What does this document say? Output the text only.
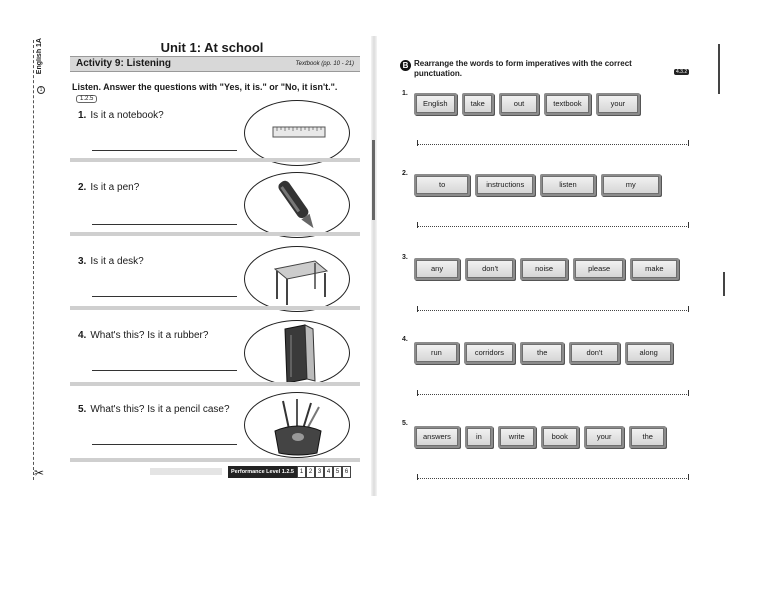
English 1A
1
✂
Unit 1: At school
Activity 9: Listening	Textbook (pp. 10 - 21)
Listen. Answer the questions with "Yes, it is." or "No, it isn't.". 1.2.5
1. Is it a notebook?
2. Is it a pen?
3. Is it a desk?
4. What's this? Is it a rubber?
5. What's this? Is it a pencil case?
Performance Level 1.2.5 1 2 3 4 5 6
B Rearrange the words to form imperatives with the correct punctuation.	4.3.2
1.
English	take	out	textbook	your
2.
to	instructions	listen	my
3.
any	don't	noise	please	make
4.
run	corridors	the	don't	along
5.
answers	in	write	book	your	the
